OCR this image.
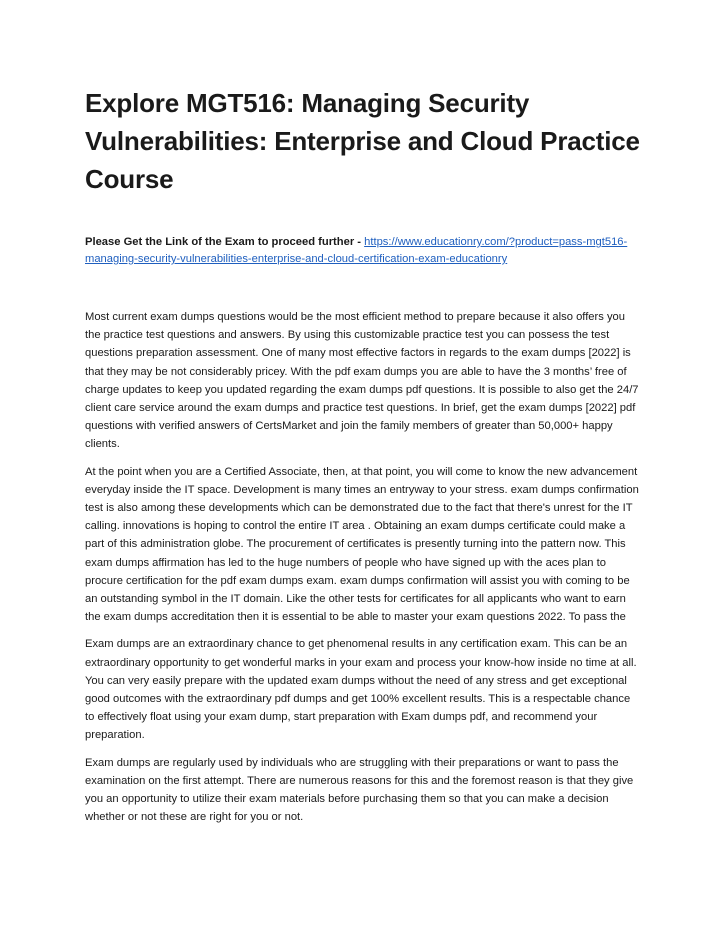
Explore MGT516: Managing Security Vulnerabilities: Enterprise and Cloud Practice Course

Please Get the Link of the Exam to proceed further - https://www.educationry.com/?product=pass-mgt516-managing-security-vulnerabilities-enterprise-and-cloud-certification-exam-educationry

Most current exam dumps questions would be the most efficient method to prepare because it also offers you the practice test questions and answers. By using this customizable practice test you can possess the test questions preparation assessment. One of many most effective factors in regards to the exam dumps [2022] is that they may be not considerably pricey. With the pdf exam dumps you are able to have the 3 months’ free of charge updates to keep you updated regarding the exam dumps pdf questions. It is possible to also get the 24/7 client care service around the exam dumps and practice test questions. In brief, get the exam dumps [2022] pdf questions with verified answers of CertsMarket and join the family members of greater than 50,000+ happy clients.

At the point when you are a Certified Associate, then, at that point, you will come to know the new advancement everyday inside the IT space. Development is many times an entryway to your stress. exam dumps confirmation test is also among these developments which can be demonstrated due to the fact that there's unrest for the IT calling. innovations is hoping to control the entire IT area . Obtaining an exam dumps certificate could make a part of this administration globe. The procurement of certificates is presently turning into the pattern now. This exam dumps affirmation has led to the huge numbers of people who have signed up with the aces plan to procure certification for the pdf exam dumps exam. exam dumps confirmation will assist you with coming to be an outstanding symbol in the IT domain. Like the other tests for certificates for all applicants who want to earn the exam dumps accreditation then it is essential to be able to master your exam questions 2022. To pass the

Exam dumps are an extraordinary chance to get phenomenal results in any certification exam. This can be an extraordinary opportunity to get wonderful marks in your exam and process your know-how inside no time at all. You can very easily prepare with the updated exam dumps without the need of any stress and get exceptional good outcomes with the extraordinary pdf dumps and get 100% excellent results. This is a respectable chance to effectively float using your exam dump, start preparation with Exam dumps pdf, and recommend your preparation.

Exam dumps are regularly used by individuals who are struggling with their preparations or want to pass the examination on the first attempt. There are numerous reasons for this and the foremost reason is that they give you an opportunity to utilize their exam materials before purchasing them so that you can make a decision whether or not these are right for you or not.
